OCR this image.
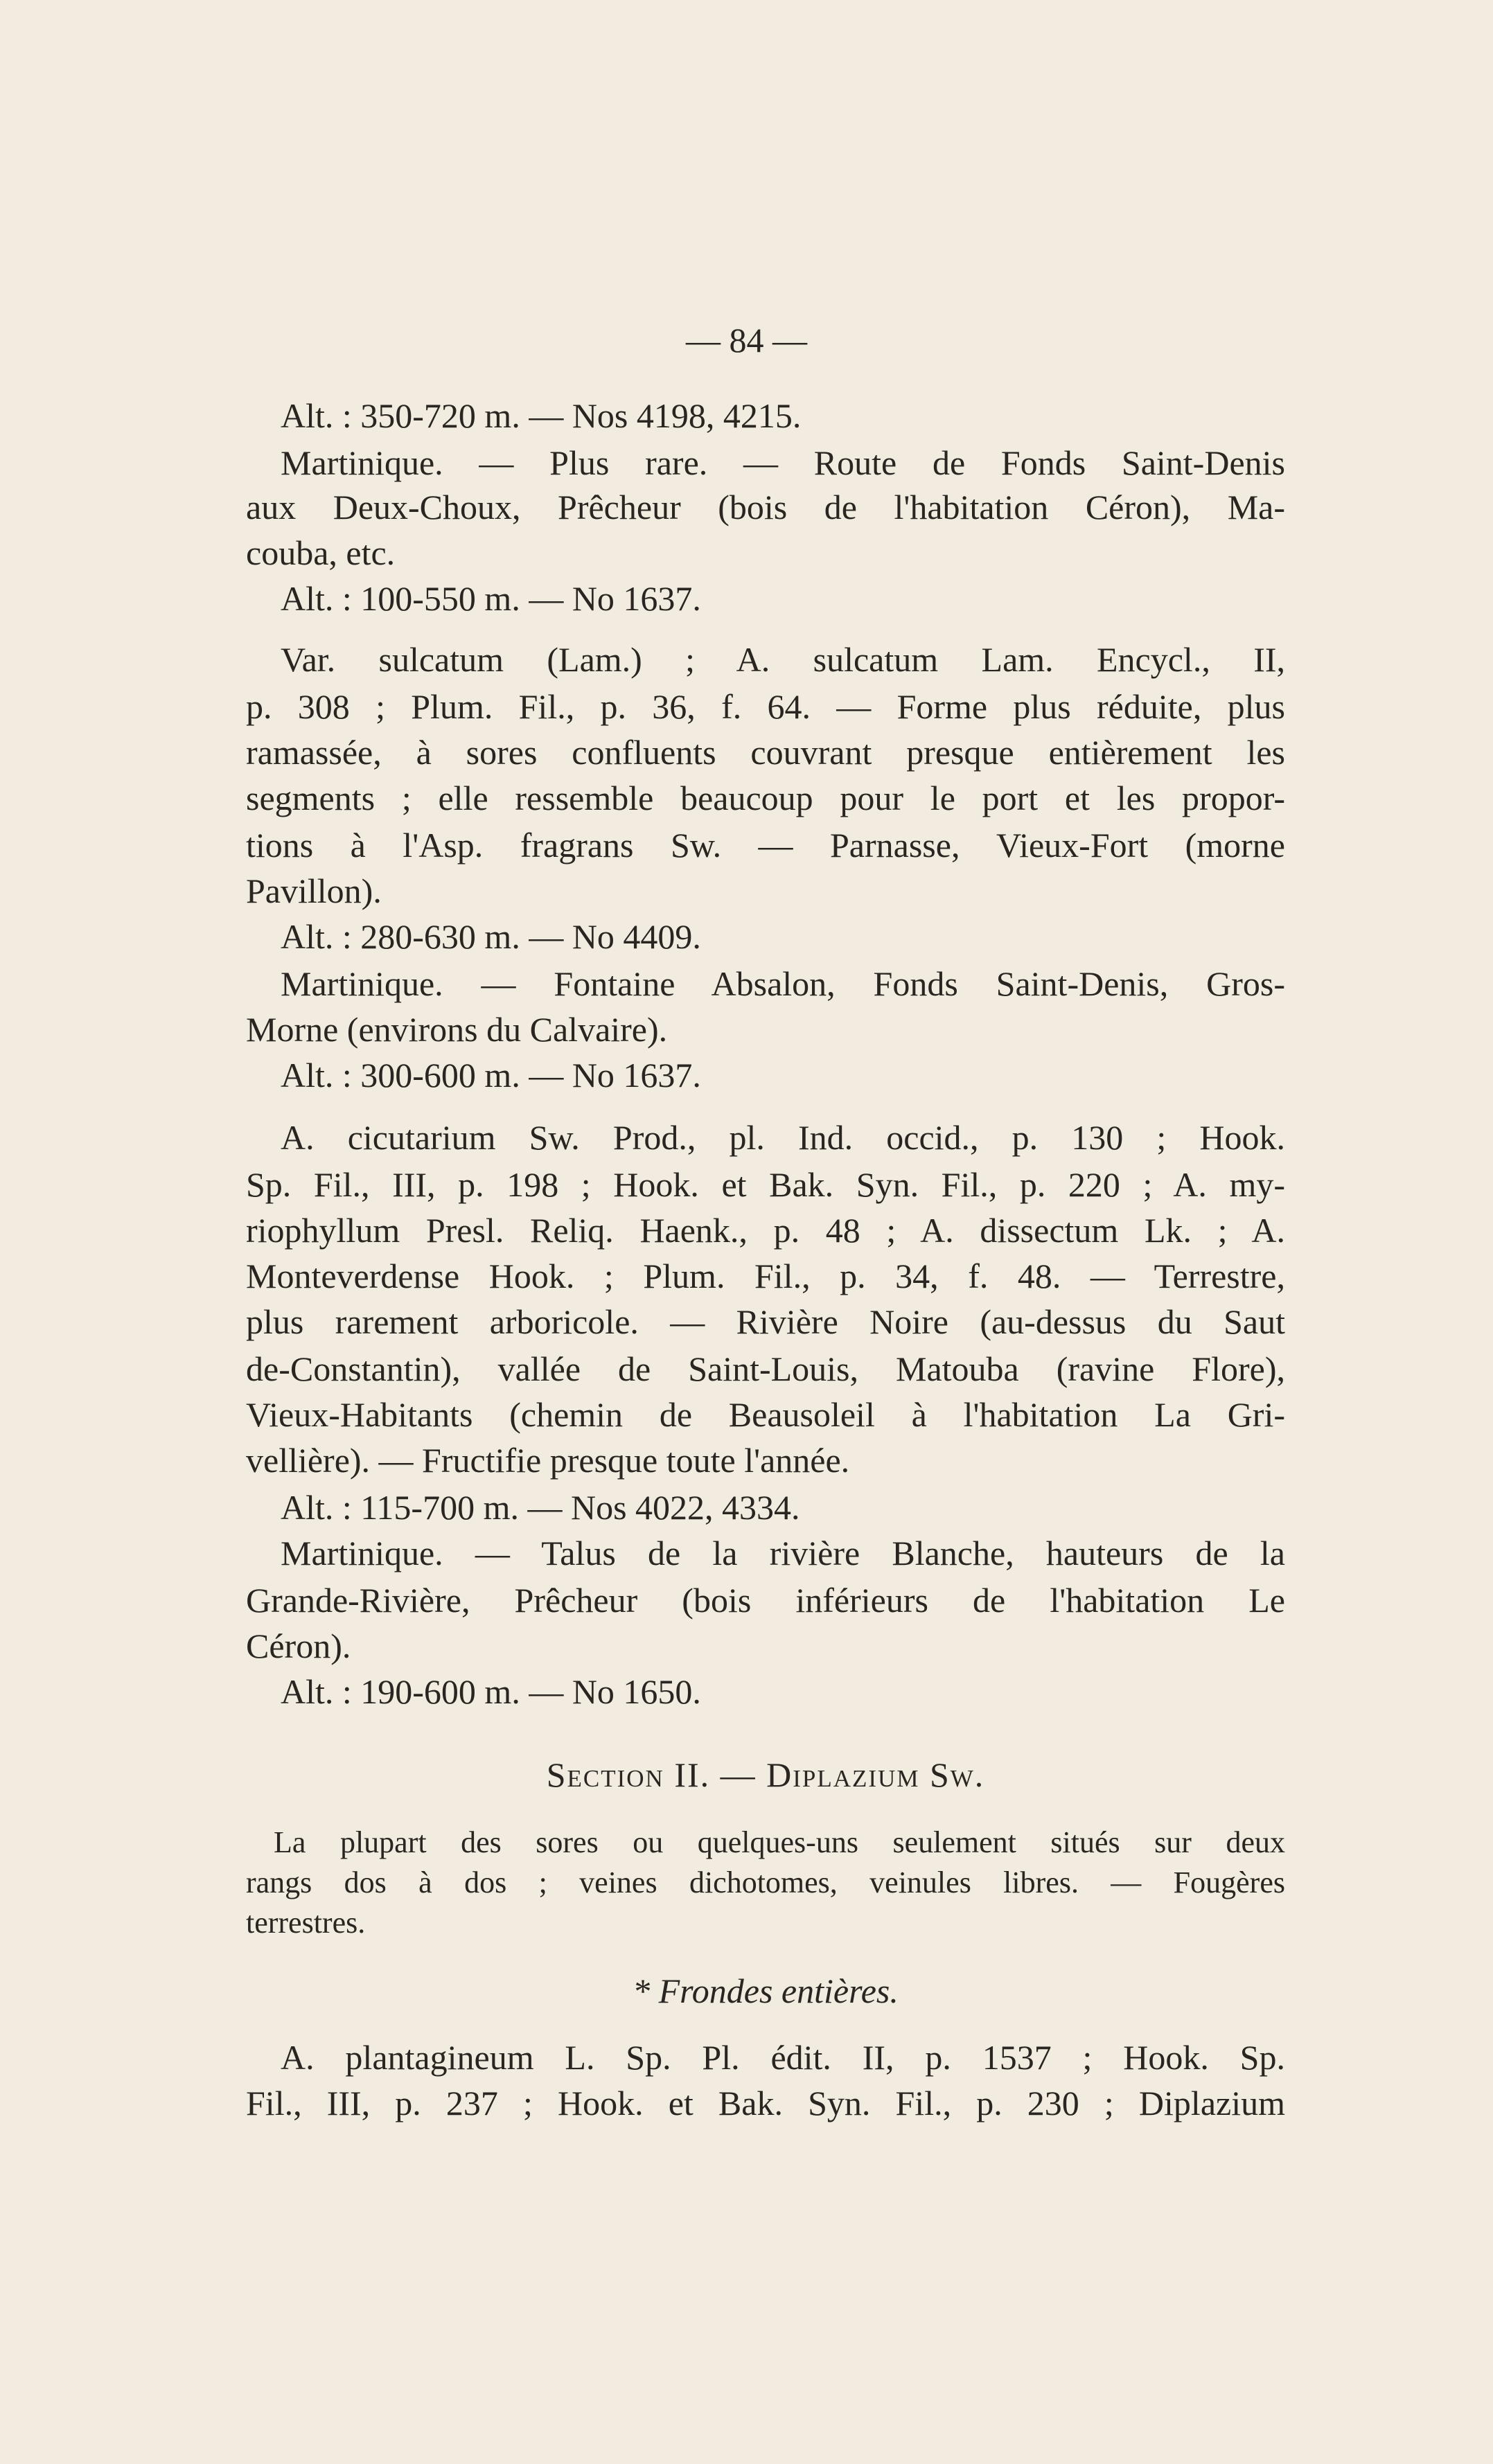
— 84 —
Alt. : 350-720 m. — Nos 4198, 4215.
Martinique. — Plus rare. — Route de Fonds Saint-Denis
aux Deux-Choux, Prêcheur (bois de l'habitation Céron), Ma-
couba, etc.
Alt. : 100-550 m. — No 1637.
Var. sulcatum (Lam.) ; A. sulcatum Lam. Encycl., II,
p. 308 ; Plum. Fil., p. 36, f. 64. — Forme plus réduite, plus
ramassée, à sores confluents couvrant presque entièrement les
segments ; elle ressemble beaucoup pour le port et les propor-
tions à l'Asp. fragrans Sw. — Parnasse, Vieux-Fort (morne
Pavillon).
Alt. : 280-630 m. — No 4409.
Martinique. — Fontaine Absalon, Fonds Saint-Denis, Gros-
Morne (environs du Calvaire).
Alt. : 300-600 m. — No 1637.
A. cicutarium Sw. Prod., pl. Ind. occid., p. 130 ; Hook.
Sp. Fil., III, p. 198 ; Hook. et Bak. Syn. Fil., p. 220 ; A. my-
riophyllum Presl. Reliq. Haenk., p. 48 ; A. dissectum Lk. ; A.
Monteverdense Hook. ; Plum. Fil., p. 34, f. 48. — Terrestre,
plus rarement arboricole. — Rivière Noire (au-dessus du Saut
de-Constantin), vallée de Saint-Louis, Matouba (ravine Flore),
Vieux-Habitants (chemin de Beausoleil à l'habitation La Gri-
vellière). — Fructifie presque toute l'année.
Alt. : 115-700 m. — Nos 4022, 4334.
Martinique. — Talus de la rivière Blanche, hauteurs de la
Grande-Rivière, Prêcheur (bois inférieurs de l'habitation Le
Céron).
Alt. : 190-600 m. — No 1650.
Section II. — Diplazium Sw.
La plupart des sores ou quelques-uns seulement situés sur deux
rangs dos à dos ; veines dichotomes, veinules libres. — Fougères
terrestres.
* Frondes entières.
A. plantagineum L. Sp. Pl. édit. II, p. 1537 ; Hook. Sp.
Fil., III, p. 237 ; Hook. et Bak. Syn. Fil., p. 230 ; Diplazium
